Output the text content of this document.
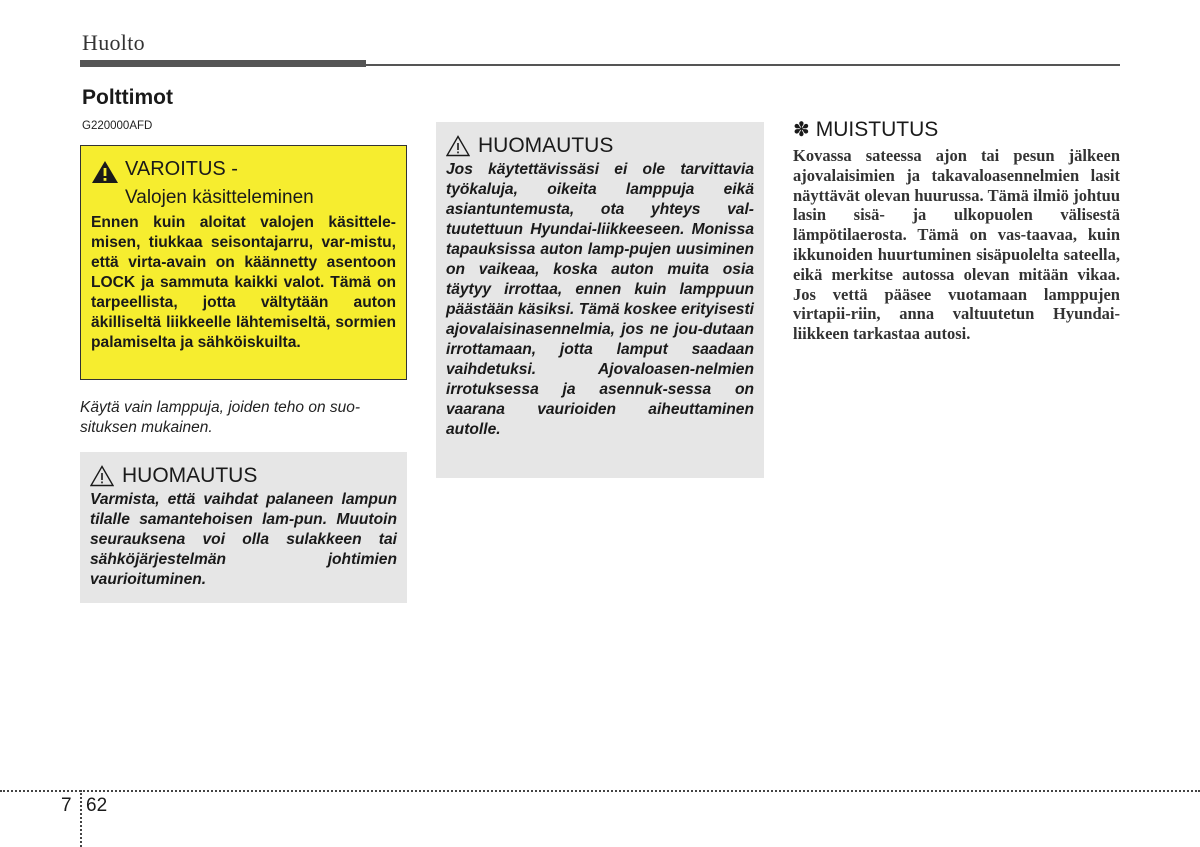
Huolto
Polttimot
G220000AFD
VAROITUS -
Valojen käsitteleminen
Ennen kuin aloitat valojen käsittele-misen, tiukkaa seisontajarru, var-mistu, että virta-avain on käännetty asentoon LOCK ja sammuta kaikki valot. Tämä on tarpeellista, jotta vältytään auton äkilliseltä liikkeelle lähtemiseltä, sormien palamiselta ja sähköiskuilta.
Käytä vain lamppuja, joiden teho on suo-situksen mukainen.
HUOMAUTUS
Varmista, että vaihdat palaneen lampun tilalle samantehoisen lam-pun. Muutoin seurauksena voi olla sulakkeen tai sähköjärjestelmän johtimien vaurioituminen.
HUOMAUTUS
Jos käytettävissäsi ei ole tarvittavia työkaluja, oikeita lamppuja eikä asiantuntemusta, ota yhteys val-tuutettuun Hyundai-liikkeeseen. Monissa tapauksissa auton lamp-pujen uusiminen on vaikeaa, koska auton muita osia täytyy irrottaa, ennen kuin lamppuun päästään käsiksi. Tämä koskee erityisesti ajovalaisinasennelmia, jos ne jou-dutaan irrottamaan, jotta lamput saadaan vaihdetuksi. Ajovaloasen-nelmien irrotuksessa ja asennuk-sessa on vaarana vaurioiden aiheuttaminen autolle.
✽ MUISTUTUS
Kovassa sateessa ajon tai pesun jälkeen ajovalaisimien ja takavaloasennelmien lasit näyttävät olevan huurussa. Tämä ilmiö johtuu lasin sisä- ja ulkopuolen välisestä lämpötilaerosta. Tämä on vas-taavaa, kuin ikkunoiden huurtuminen sisäpuolelta sateella, eikä merkitse autossa olevan mitään vikaa. Jos vettä pääsee vuotamaan lamppujen virtapii-riin, anna valtuutetun Hyundai-liikkeen tarkastaa autosi.
7 62
